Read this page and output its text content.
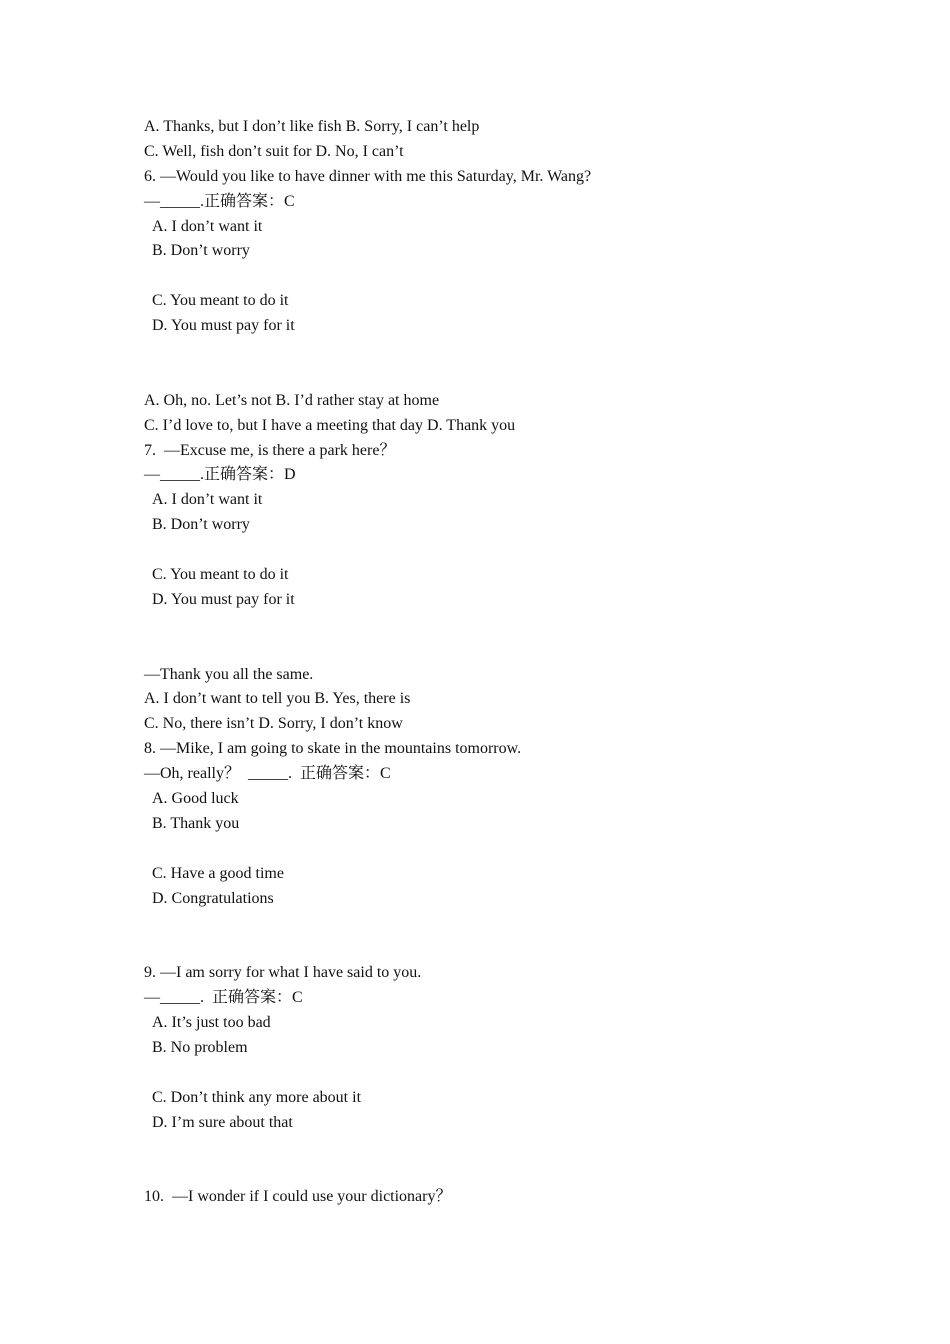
A. Thanks, but I don’t like fish B. Sorry, I can’t help
C. Well, fish don’t suit for D. No, I can’t
6. —Would you like to have dinner with me this Saturday, Mr. Wang?
—_____.正确答案：C
A. I don’t want it
B. Don’t worry
C. You meant to do it
D. You must pay for it
A. Oh, no. Let’s not B. I’d rather stay at home
C. I’d love to, but I have a meeting that day D. Thank you
7.  —Excuse me, is there a park here？
—_____.正确答案：D
A. I don’t want it
B. Don’t worry
C. You meant to do it
D. You must pay for it
—Thank you all the same.
A. I don’t want to tell you B. Yes, there is
C. No, there isn’t D. Sorry, I don’t know
8. —Mike, I am going to skate in the mountains tomorrow.
—Oh, really？  _____.  正确答案：C
A. Good luck
B. Thank you
C. Have a good time
D. Congratulations
9. —I am sorry for what I have said to you.
—_____.  正确答案：C
A. It’s just too bad
B. No problem
C. Don’t think any more about it
D. I’m sure about that
10.  —I wonder if I could use your dictionary？
